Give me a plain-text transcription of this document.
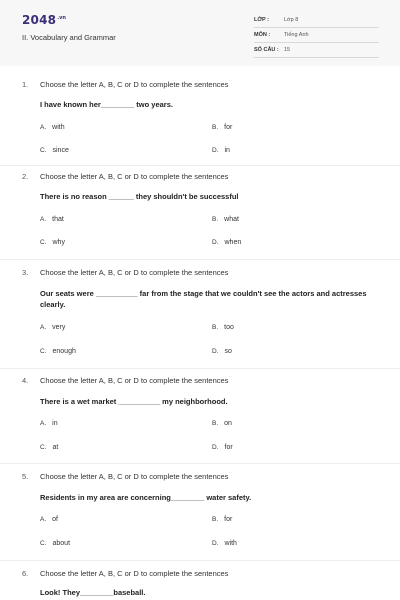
$2048^{.vn}$
II. Vocabulary and Grammar
LỚP :	Lớp 8
MÔN :	Tiếng Anh
SỐ CÂU : 15
1. Choose the letter A, B, C or D to complete the sentences
I have known her________ two years.
A. with	B. for
C. since	D. in
2. Choose the letter A, B, C or D to complete the sentences
There is no reason ______ they shouldn't be successful
A. that	B. what
C. why	D. when
3. Choose the letter A, B, C or D to complete the sentences
Our seats were __________ far from the stage that we couldn't see the actors and actresses clearly.
A. very	B. too
C. enough	D. so
4. Choose the letter A, B, C or D to complete the sentences
There is a wet market __________ my neighborhood.
A. in	B. on
C. at	D. for
5. Choose the letter A, B, C or D to complete the sentences
Residents in my area are concerning________ water safety.
A. of	B. for
C. about	D. with
6. Choose the letter A, B, C or D to complete the sentences
Look! They________baseball.
